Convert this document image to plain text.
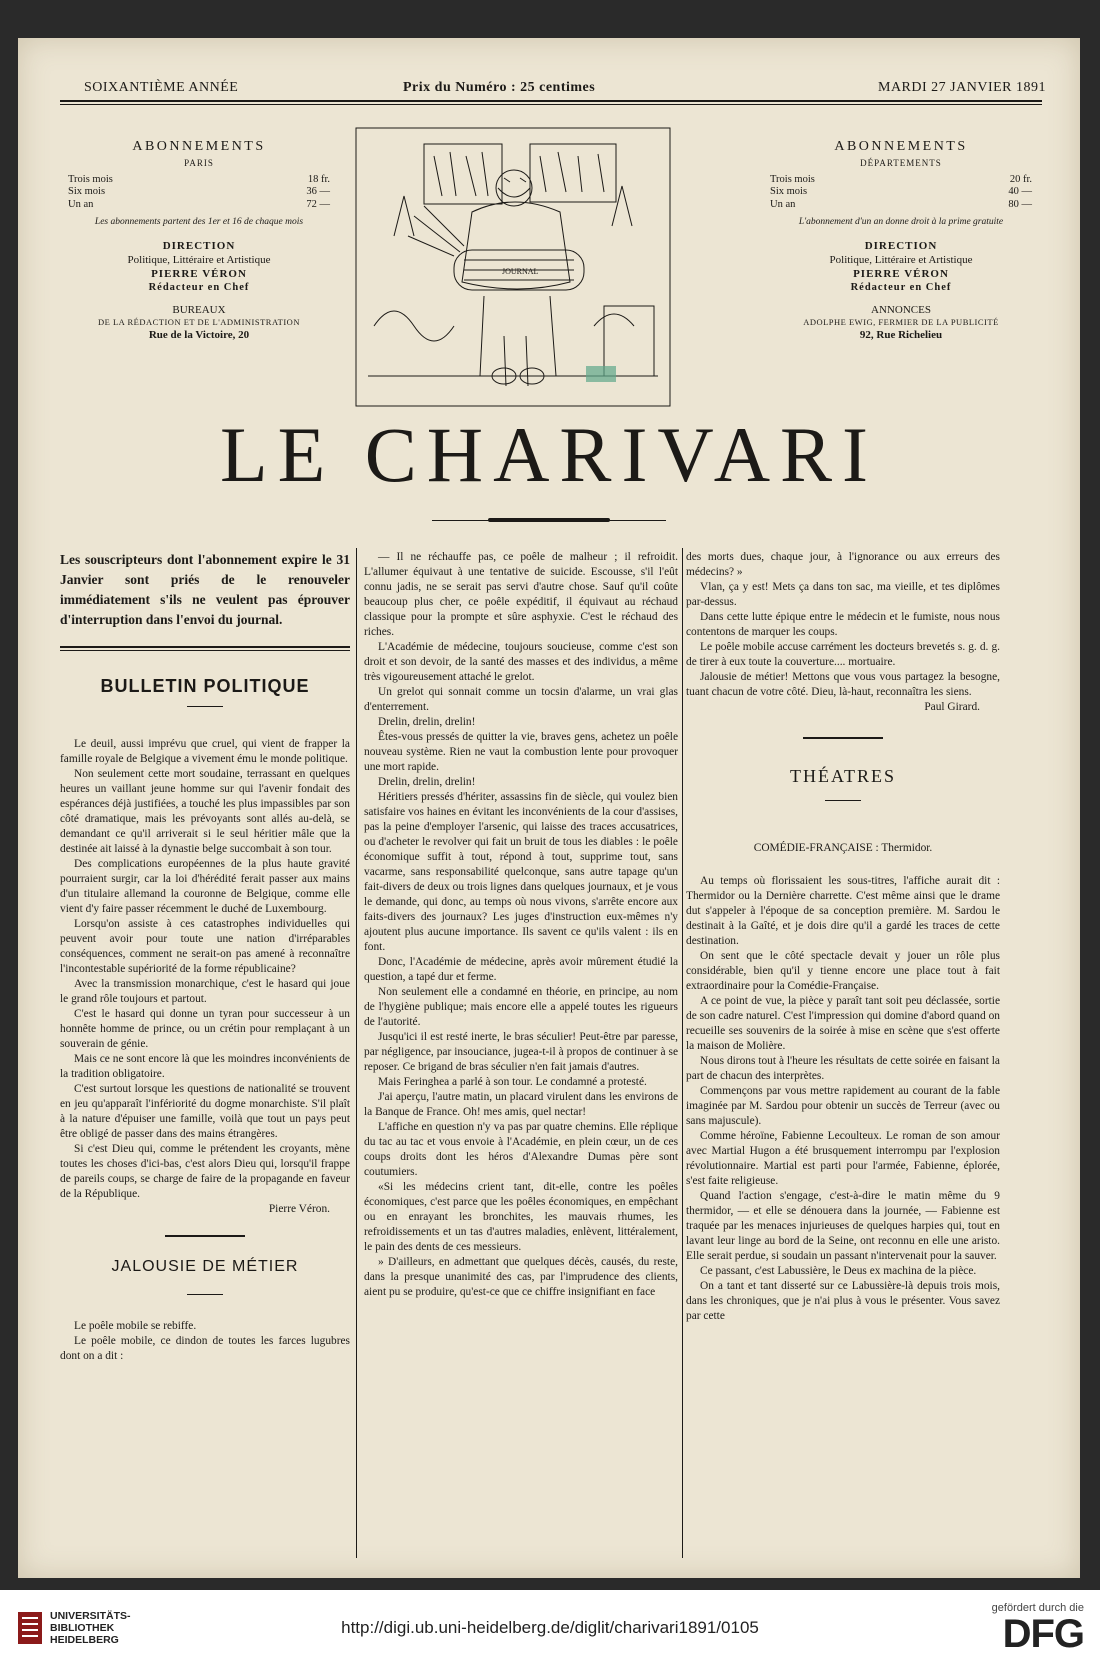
SOIXANTIÈME ANNÉE	Prix du Numéro : 25 centimes	MARDI 27 JANVIER 1891
ABONNEMENTS
PARIS
Trois mois		18 fr.
Six mois		36 —
Un an		72 —
Les abonnements partent des 1er et 16 de chaque mois
DIRECTION
Politique, Littéraire et Artistique
PIERRE VÉRON
Rédacteur en Chef
BUREAUX
DE LA RÉDACTION ET DE L'ADMINISTRATION
Rue de la Victoire, 20
JOURNAL
ABONNEMENTS
DÉPARTEMENTS
Trois mois		20 fr.
Six mois		40 —
Un an		80 —
L'abonnement d'un an donne droit à la prime gratuite
DIRECTION
Politique, Littéraire et Artistique
PIERRE VÉRON
Rédacteur en Chef
ANNONCES
ADOLPHE EWIG, FERMIER DE LA PUBLICITÉ
92, Rue Richelieu
LE CHARIVARI

Les souscripteurs dont l'abonnement expire le 31 Janvier sont priés de le renouveler immédiatement s'ils ne veulent pas éprouver d'interruption dans l'envoi du journal.

BULLETIN POLITIQUE

Le deuil, aussi imprévu que cruel, qui vient de frapper la famille royale de Belgique a vivement ému le monde politique.

Non seulement cette mort soudaine, terrassant en quelques heures un vaillant jeune homme sur qui l'avenir fondait des espérances déjà justifiées, a touché les plus impassibles par son côté dramatique, mais les prévoyants sont allés au-delà, se demandant ce qu'il arriverait si le seul héritier mâle que la destinée ait laissé à la dynastie belge succombait à son tour.

Des complications européennes de la plus haute gravité pourraient surgir, car la loi d'hérédité ferait passer aux mains d'un titulaire allemand la couronne de Belgique, comme elle vient d'y faire passer récemment le duché de Luxembourg.

Lorsqu'on assiste à ces catastrophes individuelles qui peuvent avoir pour toute une nation d'irréparables conséquences, comment ne serait-on pas amené à reconnaître l'incontestable supériorité de la forme républicaine?

Avec la transmission monarchique, c'est le hasard qui joue le grand rôle toujours et partout.

C'est le hasard qui donne un tyran pour successeur à un honnête homme de prince, ou un crétin pour remplaçant à un souverain de génie.

Mais ce ne sont encore là que les moindres inconvénients de la tradition obligatoire.

C'est surtout lorsque les questions de nationalité se trouvent en jeu qu'apparaît l'infériorité du dogme monarchiste. S'il plaît à la nature d'épuiser une famille, voilà que tout un pays peut être obligé de passer dans des mains étrangères.

Si c'est Dieu qui, comme le prétendent les croyants, mène toutes les choses d'ici-bas, c'est alors Dieu qui, lorsqu'il frappe de pareils coups, se charge de faire de la propagande en faveur de la République.

Pierre Véron.

JALOUSIE DE MÉTIER

Le poêle mobile se rebiffe.

Le poêle mobile, ce dindon de toutes les farces lugubres dont on a dit :

— Il ne réchauffe pas, ce poêle de malheur ; il refroidit. L'allumer équivaut à une tentative de suicide. Escousse, s'il l'eût connu jadis, ne se serait pas servi d'autre chose. Sauf qu'il coûte beaucoup plus cher, ce poêle expéditif, il équivaut au réchaud classique pour la prompte et sûre asphyxie. C'est le réchaud des riches.

L'Académie de médecine, toujours soucieuse, comme c'est son droit et son devoir, de la santé des masses et des individus, a même très vigoureusement attaché le grelot.

Un grelot qui sonnait comme un tocsin d'alarme, un vrai glas d'enterrement.

Drelin, drelin, drelin!

Êtes-vous pressés de quitter la vie, braves gens, achetez un poêle nouveau système. Rien ne vaut la combustion lente pour provoquer une mort rapide.

Drelin, drelin, drelin!

Héritiers pressés d'hériter, assassins fin de siècle, qui voulez bien satisfaire vos haines en évitant les inconvénients de la cour d'assises, pas la peine d'employer l'arsenic, qui laisse des traces accusatrices, ou d'acheter le revolver qui fait un bruit de tous les diables : le poêle économique suffit à tout, répond à tout, supprime tout, sans vacarme, sans responsabilité quelconque, sans autre tapage qu'un fait-divers de deux ou trois lignes dans quelques journaux, et je vous le demande, qui donc, au temps où nous vivons, s'arrête encore aux faits-divers des journaux? Les juges d'instruction eux-mêmes n'y ajoutent plus aucune importance. Ils savent ce qu'ils valent : ils en font.

Donc, l'Académie de médecine, après avoir mûrement étudié la question, a tapé dur et ferme.

Non seulement elle a condamné en théorie, en principe, au nom de l'hygiène publique; mais encore elle a appelé toutes les rigueurs de l'autorité.

Jusqu'ici il est resté inerte, le bras séculier! Peut-être par paresse, par négligence, par insouciance, jugea-t-il à propos de continuer à se reposer. Ce brigand de bras séculier n'en fait jamais d'autres.

Mais Feringhea a parlé à son tour. Le condamné a protesté.

J'ai aperçu, l'autre matin, un placard virulent dans les environs de la Banque de France. Oh! mes amis, quel nectar!

L'affiche en question n'y va pas par quatre chemins. Elle réplique du tac au tac et vous envoie à l'Académie, en plein cœur, un de ces coups droits dont les héros d'Alexandre Dumas père sont coutumiers.

«Si les médecins crient tant, dit-elle, contre les poêles économiques, c'est parce que les poêles économiques, en empêchant ou en enrayant les bronchites, les mauvais rhumes, les refroidissements et un tas d'autres maladies, enlèvent, littéralement, le pain des dents de ces messieurs.

» D'ailleurs, en admettant que quelques décès, causés, du reste, dans la presque unanimité des cas, par l'imprudence des clients, aient pu se produire, qu'est-ce que ce chiffre insignifiant en face

des morts dues, chaque jour, à l'ignorance ou aux erreurs des médecins? »

Vlan, ça y est! Mets ça dans ton sac, ma vieille, et tes diplômes par-dessus.

Dans cette lutte épique entre le médecin et le fumiste, nous nous contentons de marquer les coups.

Le poêle mobile accuse carrément les docteurs brevetés s. g. d. g. de tirer à eux toute la couverture.... mortuaire.

Jalousie de métier! Mettons que vous vous partagez la besogne, tuant chacun de votre côté. Dieu, là-haut, reconnaîtra les siens.

Paul Girard.

THÉATRES
COMÉDIE-FRANÇAISE : Thermidor.

Au temps où florissaient les sous-titres, l'affiche aurait dit : Thermidor ou la Dernière charrette. C'est même ainsi que le drame dut s'appeler à l'époque de sa conception première. M. Sardou le destinait à la Gaîté, et je dois dire qu'il a gardé les traces de cette destination.

On sent que le côté spectacle devait y jouer un rôle plus considérable, bien qu'il y tienne encore une place tout à fait extraordinaire pour la Comédie-Française.

A ce point de vue, la pièce y paraît tant soit peu déclassée, sortie de son cadre naturel. C'est l'impression qui domine d'abord quand on recueille ses souvenirs de la soirée à mise en scène que s'est offerte la maison de Molière.

Nous dirons tout à l'heure les résultats de cette soirée en faisant la part de chacun des interprètes.

Commençons par vous mettre rapidement au courant de la fable imaginée par M. Sardou pour obtenir un succès de Terreur (avec ou sans majuscule).

Comme héroïne, Fabienne Lecoulteux. Le roman de son amour avec Martial Hugon a été brusquement interrompu par l'explosion révolutionnaire. Martial est parti pour l'armée, Fabienne, éplorée, s'est faite religieuse.

Quand l'action s'engage, c'est-à-dire le matin même du 9 thermidor, — et elle se dénouera dans la journée, — Fabienne est traquée par les menaces injurieuses de quelques harpies qui, tout en lavant leur linge au bord de la Seine, ont reconnu en elle une aristo. Elle serait perdue, si soudain un passant n'intervenait pour la sauver.

Ce passant, c'est Labussière, le Deus ex machina de la pièce.

On a tant et tant disserté sur ce Labussière-là depuis trois mois, dans les chroniques, que je n'ai plus à vous le présenter. Vous savez par cette

UNIVERSITÄTS-
BIBLIOTHEK
HEIDELBERG
http://digi.ub.uni-heidelberg.de/diglit/charivari1891/0105
gefördert durch die
DFG
